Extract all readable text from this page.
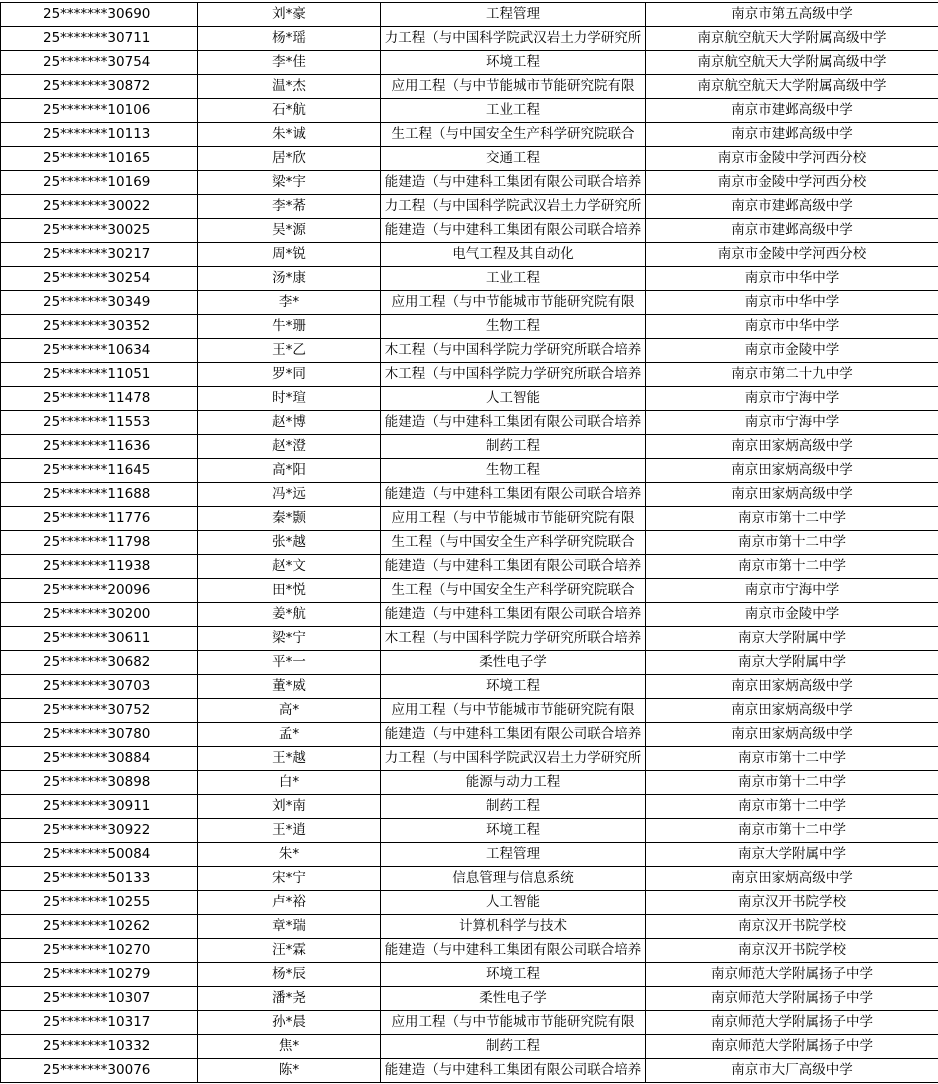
25*******30690	刘*豪	工程管理	南京市第五高级中学
25*******30711	杨*瑶	力工程（与中国科学院武汉岩土力学研究所	南京航空航天大学附属高级中学
25*******30754	李*佳	环境工程	南京航空航天大学附属高级中学
25*******30872	温*杰	应用工程（与中节能城市节能研究院有限	南京航空航天大学附属高级中学
25*******10106	石*航	工业工程	南京市建邺高级中学
25*******10113	朱*诚	生工程（与中国安全生产科学研究院联合	南京市建邺高级中学
25*******10165	居*欣	交通工程	南京市金陵中学河西分校
25*******10169	梁*宇	能建造（与中建科工集团有限公司联合培养	南京市金陵中学河西分校
25*******30022	李*莃	力工程（与中国科学院武汉岩土力学研究所	南京市建邺高级中学
25*******30025	吴*源	能建造（与中建科工集团有限公司联合培养	南京市建邺高级中学
25*******30217	周*锐	电气工程及其自动化	南京市金陵中学河西分校
25*******30254	汤*康	工业工程	南京市中华中学
25*******30349	李*	应用工程（与中节能城市节能研究院有限	南京市中华中学
25*******30352	牛*珊	生物工程	南京市中华中学
25*******10634	王*乙	木工程（与中国科学院力学研究所联合培养	南京市金陵中学
25*******11051	罗*同	木工程（与中国科学院力学研究所联合培养	南京市第二十九中学
25*******11478	时*瑄	人工智能	南京市宁海中学
25*******11553	赵*博	能建造（与中建科工集团有限公司联合培养	南京市宁海中学
25*******11636	赵*澄	制药工程	南京田家炳高级中学
25*******11645	高*阳	生物工程	南京田家炳高级中学
25*******11688	冯*远	能建造（与中建科工集团有限公司联合培养	南京田家炳高级中学
25*******11776	秦*颢	应用工程（与中节能城市节能研究院有限	南京市第十二中学
25*******11798	张*越	生工程（与中国安全生产科学研究院联合	南京市第十二中学
25*******11938	赵*文	能建造（与中建科工集团有限公司联合培养	南京市第十二中学
25*******20096	田*悦	生工程（与中国安全生产科学研究院联合	南京市宁海中学
25*******30200	姜*航	能建造（与中建科工集团有限公司联合培养	南京市金陵中学
25*******30611	梁*宁	木工程（与中国科学院力学研究所联合培养	南京大学附属中学
25*******30682	平*一	柔性电子学	南京大学附属中学
25*******30703	董*威	环境工程	南京田家炳高级中学
25*******30752	高*	应用工程（与中节能城市节能研究院有限	南京田家炳高级中学
25*******30780	孟*	能建造（与中建科工集团有限公司联合培养	南京田家炳高级中学
25*******30884	王*越	力工程（与中国科学院武汉岩土力学研究所	南京市第十二中学
25*******30898	白*	能源与动力工程	南京市第十二中学
25*******30911	刘*南	制药工程	南京市第十二中学
25*******30922	王*逍	环境工程	南京市第十二中学
25*******50084	朱*	工程管理	南京大学附属中学
25*******50133	宋*宁	信息管理与信息系统	南京田家炳高级中学
25*******10255	卢*裕	人工智能	南京汉开书院学校
25*******10262	章*瑞	计算机科学与技术	南京汉开书院学校
25*******10270	汪*霖	能建造（与中建科工集团有限公司联合培养	南京汉开书院学校
25*******10279	杨*辰	环境工程	南京师范大学附属扬子中学
25*******10307	潘*尧	柔性电子学	南京师范大学附属扬子中学
25*******10317	孙*晨	应用工程（与中节能城市节能研究院有限	南京师范大学附属扬子中学
25*******10332	焦*	制药工程	南京师范大学附属扬子中学
25*******30076	陈*	能建造（与中建科工集团有限公司联合培养	南京市大厂高级中学
